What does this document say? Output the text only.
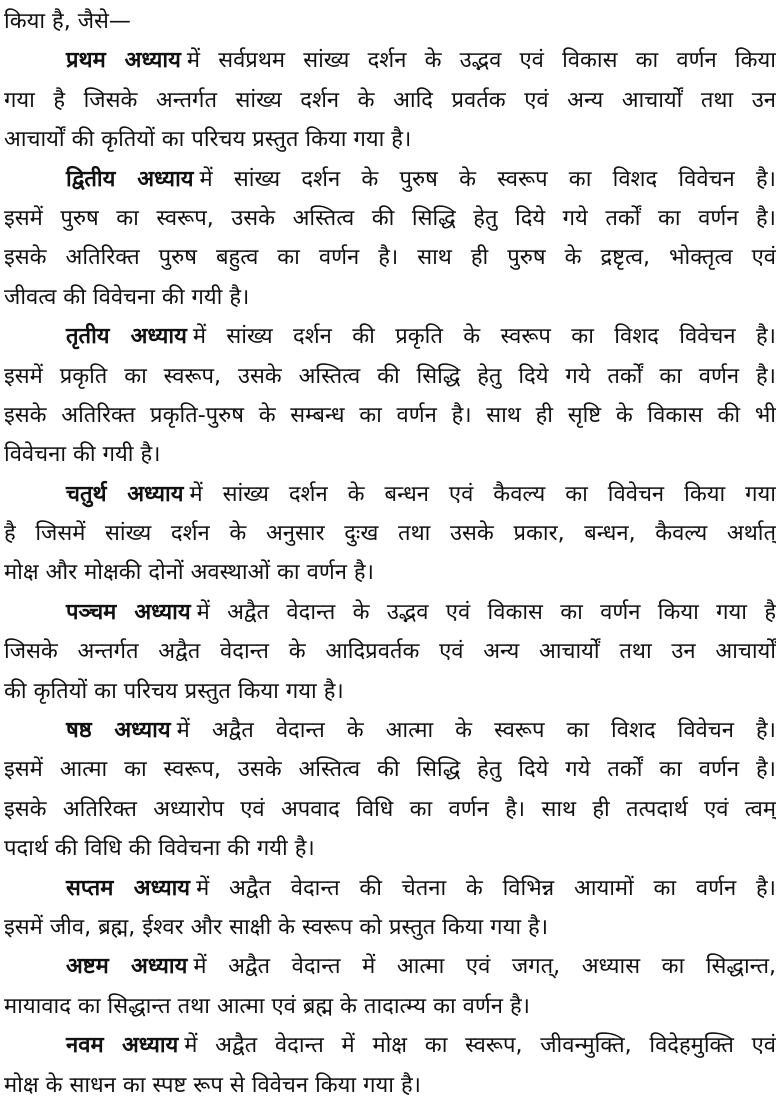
किया है, जैसे—
प्रथम अध्याय में सर्वप्रथम सांख्य दर्शन के उद्भव एवं विकास का वर्णन किया
गया है जिसके अन्तर्गत सांख्य दर्शन के आदि प्रवर्तक एवं अन्य आचार्यों तथा उन
आचार्यों की कृतियों का परिचय प्रस्तुत किया गया है।
द्वितीय अध्याय में सांख्य दर्शन के पुरुष के स्वरूप का विशद विवेचन है।
इसमें पुरुष का स्वरूप, उसके अस्तित्व की सिद्धि हेतु दिये गये तर्कों का वर्णन है।
इसके अतिरिक्त पुरुष बहुत्व का वर्णन है। साथ ही पुरुष के द्रष्टृत्व, भोक्तृत्व एवं
जीवत्व की विवेचना की गयी है।
तृतीय अध्याय में सांख्य दर्शन की प्रकृति के स्वरूप का विशद विवेचन है।
इसमें प्रकृति का स्वरूप, उसके अस्तित्व की सिद्धि हेतु दिये गये तर्कों का वर्णन है।
इसके अतिरिक्त प्रकृति-पुरुष के सम्बन्ध का वर्णन है। साथ ही सृष्टि के विकास की भी
विवेचना की गयी है।
चतुर्थ अध्याय में सांख्य दर्शन के बन्धन एवं कैवल्य का विवेचन किया गया
है जिसमें सांख्य दर्शन के अनुसार दुःख तथा उसके प्रकार, बन्धन, कैवल्य अर्थात्
मोक्ष और मोक्षकी दोनों अवस्थाओं का वर्णन है।
पञ्चम अध्याय में अद्वैत वेदान्त के उद्भव एवं विकास का वर्णन किया गया है
जिसके अन्तर्गत अद्वैत वेदान्त के आदिप्रवर्तक एवं अन्य आचार्यों तथा उन आचार्यों
की कृतियों का परिचय प्रस्तुत किया गया है।
षष्ठ अध्याय में अद्वैत वेदान्त के आत्मा के स्वरूप का विशद विवेचन है।
इसमें आत्मा का स्वरूप, उसके अस्तित्व की सिद्धि हेतु दिये गये तर्कों का वर्णन है।
इसके अतिरिक्त अध्यारोप एवं अपवाद विधि का वर्णन है। साथ ही तत्पदार्थ एवं त्वम्
पदार्थ की विधि की विवेचना की गयी है।
सप्तम अध्याय में अद्वैत वेदान्त की चेतना के विभिन्न आयामों का वर्णन है।
इसमें जीव, ब्रह्म, ईश्वर और साक्षी के स्वरूप को प्रस्तुत किया गया है।
अष्टम अध्याय में अद्वैत वेदान्त में आत्मा एवं जगत्, अध्यास का सिद्धान्त,
मायावाद का सिद्धान्त तथा आत्मा एवं ब्रह्म के तादात्म्य का वर्णन है।
नवम अध्याय में अद्वैत वेदान्त में मोक्ष का स्वरूप, जीवन्मुक्ति, विदेहमुक्ति एवं
मोक्ष के साधन का स्पष्ट रूप से विवेचन किया गया है।
